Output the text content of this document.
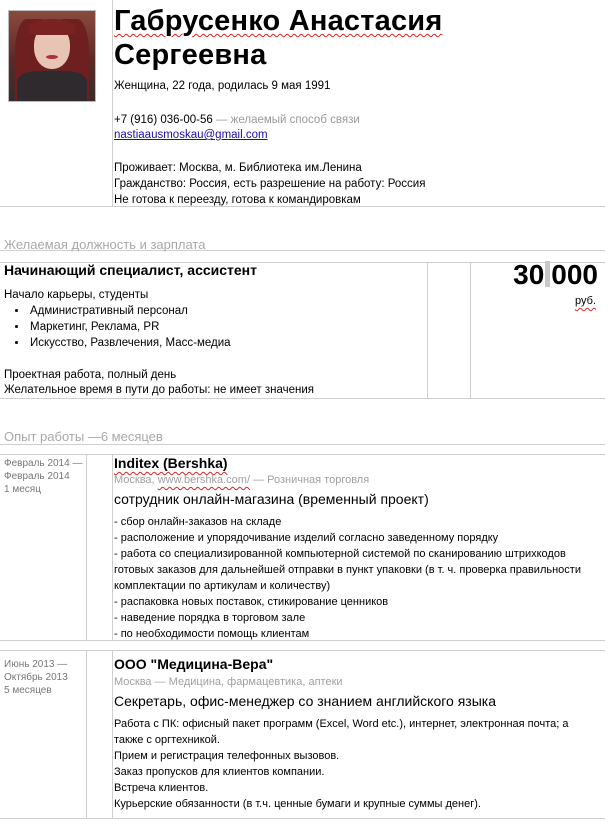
Габрусенко Анастасия
Сергеевна
Женщина, 22 года, родилась 9 мая 1991
+7 (916) 036-00-56 — желаемый способ связи
nastiaausmoskau@gmail.com
Проживает: Москва, м. Библиотека им.Ленина
Гражданство: Россия, есть разрешение на работу: Россия
Не готова к переезду, готова к командировкам
Желаемая должность и зарплата
Начинающий специалист, ассистент	30 000
руб.
Начало карьеры, студенты
• Административный персонал
• Маркетинг, Реклама, PR
• Искусство, Развлечения, Масс-медиа
Проектная работа, полный день
Желательное время в пути до работы: не имеет значения
Опыт работы —6 месяцев
Февраль 2014 —
Февраль 2014
1 месяц
Inditex (Bershka)
Москва, www.bershka.com/ — Розничная торговля
сотрудник онлайн-магазина (временный проект)
- сбор онлайн-заказов на складе
- расположение и упорядочивание изделий согласно заведенному порядку
- работа со специализированной компьютерной системой по сканированию штрихкодов готовых заказов для дальнейшей отправки в пункт упаковки (в т. ч. проверка правильности комплектации по артикулам и количеству)
- распаковка новых поставок, стикирование ценников
- наведение порядка в торговом зале
- по необходимости помощь клиентам
Июнь 2013 —
Октябрь 2013
5 месяцев
ООО "Медицина-Вера"
Москва — Медицина, фармацевтика, аптеки
Секретарь, офис-менеджер со знанием английского языка
Работа с ПК: офисный пакет программ (Excel, Word etc.), интернет, электронная почта; а также с оргтехникой.
Прием и регистрация телефонных вызовов.
Заказ пропусков для клиентов компании.
Встреча клиентов.
Курьерские обязанности (в т.ч. ценные бумаги и крупные суммы денег).
